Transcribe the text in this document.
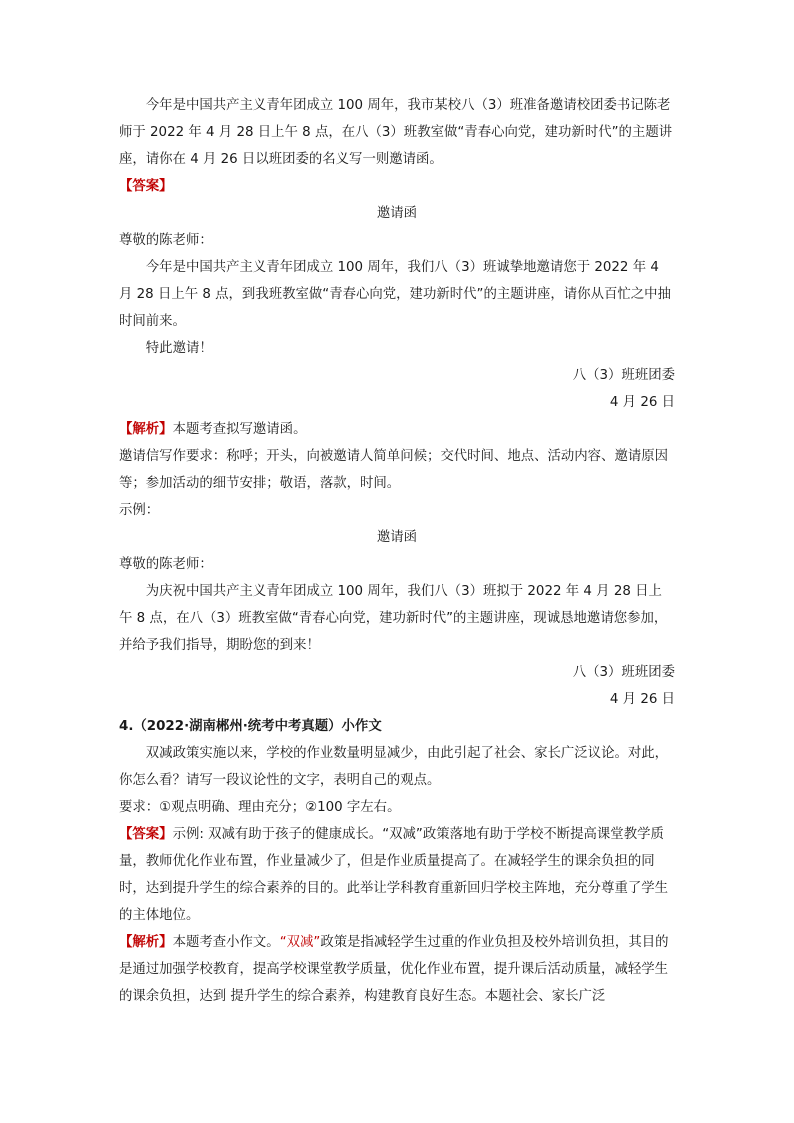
今年是中国共产主义青年团成立 100 周年，我市某校八（3）班准备邀请校团委书记陈老师于 2022 年 4 月 28 日上午 8 点，在八（3）班教室做“青春心向党，建功新时代”的主题讲座，请你在 4 月 26 日以班团委的名义写一则邀请函。

【答案】

邀请函

尊敬的陈老师：

今年是中国共产主义青年团成立 100 周年，我们八（3）班诚挚地邀请您于 2022 年 4 月 28 日上午 8 点，到我班教室做“青春心向党，建功新时代”的主题讲座，请你从百忙之中抽时间前来。

特此邀请！

八（3）班班团委

4 月 26 日

【解析】本题考查拟写邀请函。

邀请信写作要求：称呼；开头，向被邀请人简单问候；交代时间、地点、活动内容、邀请原因等；参加活动的细节安排；敬语，落款，时间。

示例：

邀请函

尊敬的陈老师：

为庆祝中国共产主义青年团成立 100 周年，我们八（3）班拟于 2022 年 4 月 28 日上午 8 点，在八（3）班教室做“青春心向党，建功新时代”的主题讲座，现诚恳地邀请您参加，并给予我们指导，期盼您的到来！

八（3）班班团委

4 月 26 日

4.（2022·湖南郴州·统考中考真题）小作文

双减政策实施以来，学校的作业数量明显减少，由此引起了社会、家长广泛议论。对此，你怎么看？请写一段议论性的文字，表明自己的观点。

要求：①观点明确、理由充分；②100 字左右。

【答案】示例: 双减有助于孩子的健康成长。“双减”政策落地有助于学校不断提高课堂教学质量，教师优化作业布置，作业量减少了，但是作业质量提高了。在减轻学生的课余负担的同时，达到提升学生的综合素养的目的。此举让学科教育重新回归学校主阵地，充分尊重了学生的主体地位。

【解析】本题考查小作文。“双减”政策是指减轻学生过重的作业负担及校外培训负担，其目的是通过加强学校教育，提高学校课堂教学质量，优化作业布置，提升课后活动质量，减轻学生的课余负担，达到 提升学生的综合素养，构建教育良好生态。本题社会、家长广泛
